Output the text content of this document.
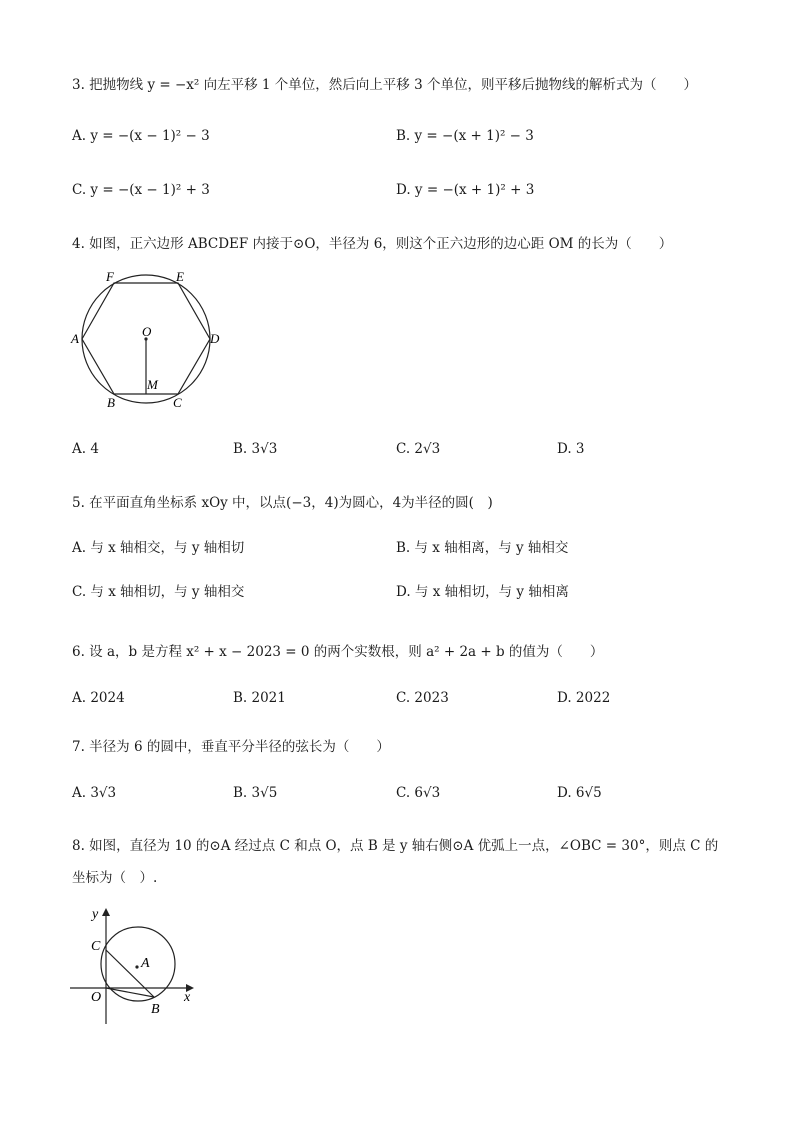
3. 把抛物线 y = −x² 向左平移 1 个单位，然后向上平移 3 个单位，则平移后抛物线的解析式为（　　）
A. y = −(x − 1)² − 3	B. y = −(x + 1)² − 3
C. y = −(x − 1)² + 3	D. y = −(x + 1)² + 3
4. 如图，正六边形 ABCDEF 内接于⊙O，半径为 6，则这个正六边形的边心距 OM 的长为（　　）
F	E
A	D
O
M
B	C
A. 4	B. 3√3	C. 2√3	D. 3
5. 在平面直角坐标系 xOy 中，以点(−3，4)为圆心，4为半径的圆(　)
A. 与 x 轴相交，与 y 轴相切	B. 与 x 轴相离，与 y 轴相交
C. 与 x 轴相切，与 y 轴相交	D. 与 x 轴相切，与 y 轴相离
6. 设 a，b 是方程 x² + x − 2023 = 0 的两个实数根，则 a² + 2a + b 的值为（　　）
A. 2024	B. 2021	C. 2023	D. 2022
7. 半径为 6 的圆中，垂直平分半径的弦长为（　　）
A. 3√3	B. 3√5	C. 6√3	D. 6√5
8. 如图，直径为 10 的⊙A 经过点 C 和点 O，点 B 是 y 轴右侧⊙A 优弧上一点，∠OBC = 30°，则点 C 的
坐标为（　）.
y
x
C
A
O
B
